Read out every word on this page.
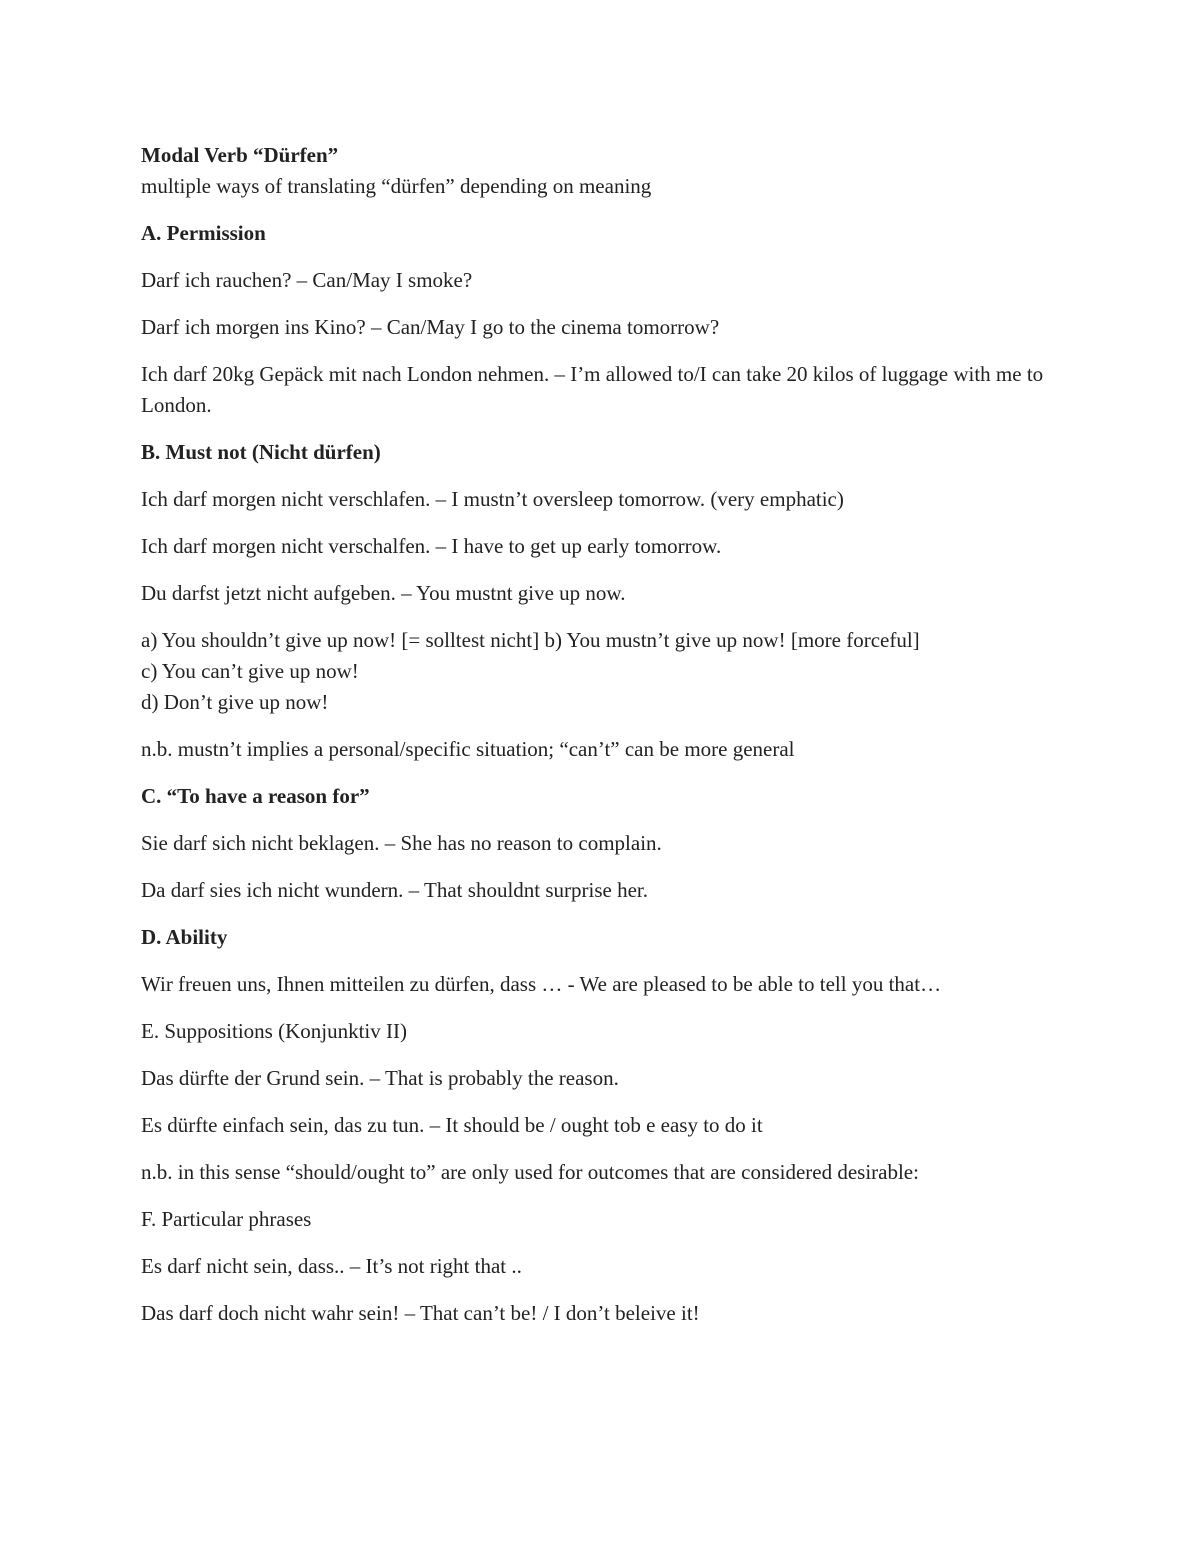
Modal Verb “Dürfen”

multiple ways of translating “dürfen” depending on meaning

A. Permission

Darf ich rauchen? – Can/May I smoke?

Darf ich morgen ins Kino? – Can/May I go to the cinema tomorrow?

Ich darf 20kg Gepäck mit nach London nehmen. – I’m allowed to/I can take 20 kilos of luggage with me to London.

B. Must not (Nicht dürfen)

Ich darf morgen nicht verschlafen. – I mustn’t oversleep tomorrow. (very emphatic)

Ich darf morgen nicht verschalfen. – I have to get up early tomorrow.

Du darfst jetzt nicht aufgeben. – You mustnt give up now.

a) You shouldn’t give up now! [= solltest nicht] b) You mustn’t give up now! [more forceful]

c) You can’t give up now!

d) Don’t give up now!

n.b. mustn’t implies a personal/specific situation; “can’t” can be more general

C. “To have a reason for”

Sie darf sich nicht beklagen. – She has no reason to complain.

Da darf sies ich nicht wundern. – That shouldnt surprise her.

D. Ability

Wir freuen uns, Ihnen mitteilen zu dürfen, dass … - We are pleased to be able to tell you that…

E. Suppositions (Konjunktiv II)

Das dürfte der Grund sein. – That is probably the reason.

Es dürfte einfach sein, das zu tun. – It should be / ought tob e easy to do it

n.b. in this sense “should/ought to” are only used for outcomes that are considered desirable:

F. Particular phrases

Es darf nicht sein, dass.. – It’s not right that ..

Das darf doch nicht wahr sein! – That can’t be! / I don’t beleive it!
